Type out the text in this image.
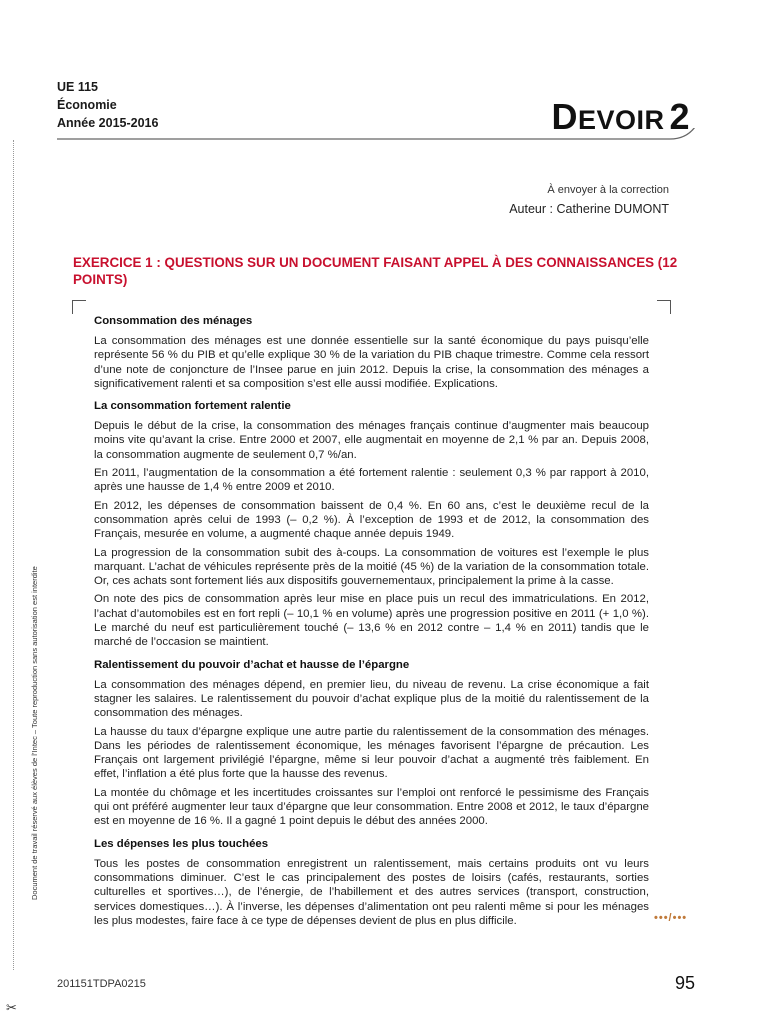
UE 115
Économie
Année 2015-2016	DEVOIR 2
À envoyer à la correction
Auteur : Catherine DUMONT
EXERCICE 1 : QUESTIONS SUR UN DOCUMENT FAISANT APPEL À DES CONNAISSANCES (12 POINTS)
Consommation des ménages

La consommation des ménages est une donnée essentielle sur la santé économique du pays puisqu’elle représente 56 % du PIB et qu’elle explique 30 % de la variation du PIB chaque trimestre. Comme cela ressort d’une note de conjoncture de l’Insee parue en juin 2012. Depuis la crise, la consommation des ménages a significativement ralenti et sa composition s’est elle aussi modifiée. Explications.

La consommation fortement ralentie

Depuis le début de la crise, la consommation des ménages français continue d’augmenter mais beaucoup moins vite qu’avant la crise. Entre 2000 et 2007, elle augmentait en moyenne de 2,1 % par an. Depuis 2008, la consommation augmente de seulement 0,7 %/an.

En 2011, l’augmentation de la consommation a été fortement ralentie : seulement 0,3 % par rapport à 2010, après une hausse de 1,4 % entre 2009 et 2010.

En 2012, les dépenses de consommation baissent de 0,4 %. En 60 ans, c’est le deuxième recul de la consommation après celui de 1993 (– 0,2 %). À l’exception de 1993 et de 2012, la consommation des Français, mesurée en volume, a augmenté chaque année depuis 1949.

La progression de la consommation subit des à-coups. La consommation de voitures est l’exemple le plus marquant. L’achat de véhicules représente près de la moitié (45 %) de la variation de la consommation totale. Or, ces achats sont fortement liés aux dispositifs gouvernementaux, principalement la prime à la casse.

On note des pics de consommation après leur mise en place puis un recul des immatriculations. En 2012, l’achat d’automobiles est en fort repli (– 10,1 % en volume) après une progression positive en 2011 (+ 1,0 %). Le marché du neuf est particulièrement touché (– 13,6 % en 2012 contre – 1,4 % en 2011) tandis que le marché de l’occasion se maintient.

Ralentissement du pouvoir d’achat et hausse de l’épargne

La consommation des ménages dépend, en premier lieu, du niveau de revenu. La crise économique a fait stagner les salaires. Le ralentissement du pouvoir d’achat explique plus de la moitié du ralentissement de la consommation des ménages.

La hausse du taux d’épargne explique une autre partie du ralentissement de la consommation des ménages. Dans les périodes de ralentissement économique, les ménages favorisent l’épargne de précaution. Les Français ont largement privilégié l’épargne, même si leur pouvoir d’achat a augmenté très faiblement. En effet, l’inflation a été plus forte que la hausse des revenus.

La montée du chômage et les incertitudes croissantes sur l’emploi ont renforcé le pessimisme des Français qui ont préféré augmenter leur taux d’épargne que leur consommation. Entre 2008 et 2012, le taux d’épargne est en moyenne de 16 %. Il a gagné 1 point depuis le début des années 2000.

Les dépenses les plus touchées

Tous les postes de consommation enregistrent un ralentissement, mais certains produits ont vu leurs consommations diminuer. C’est le cas principalement des postes de loisirs (cafés, restaurants, sorties culturelles et sportives…), de l’énergie, de l’habillement et des autres services (transport, construction, services domestiques…). À l’inverse, les dépenses d’alimentation ont peu ralenti même si pour les ménages les plus modestes, faire face à ce type de dépenses devient de plus en plus difficile.	•••/•••
Document de travail réservé aux élèves de l’Intec – Toute reproduction sans autorisation est interdite
✂
201151TDPA0215	95
